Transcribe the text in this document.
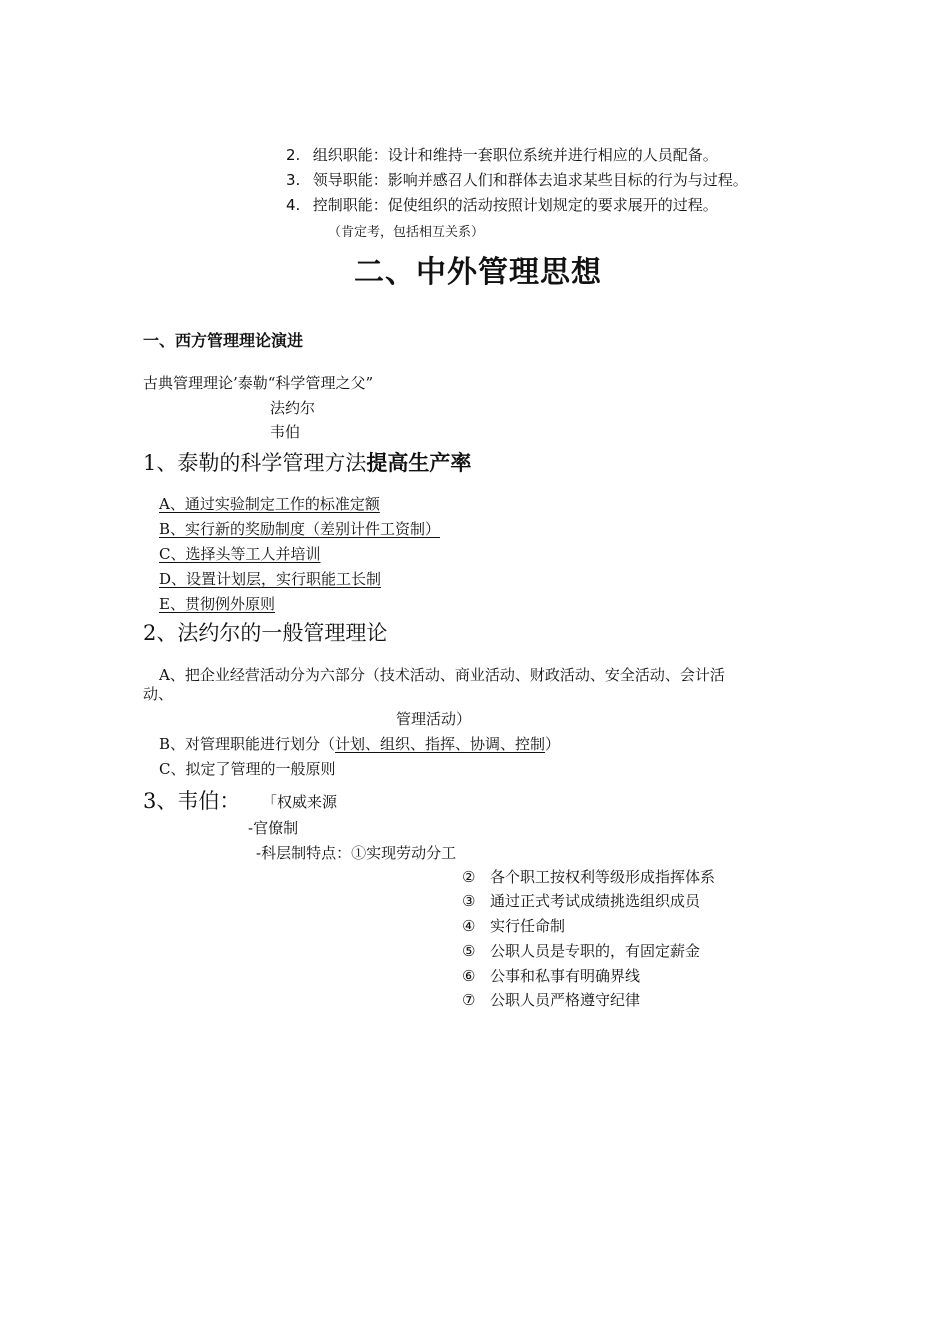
2. 组织职能：设计和维持一套职位系统并进行相应的人员配备。
3. 领导职能：影响并感召人们和群体去追求某些目标的行为与过程。
4. 控制职能：促使组织的活动按照计划规定的要求展开的过程。
（肯定考，包括相互关系）
二、中外管理思想
一、西方管理理论演进
古典管理理论’泰勒“科学管理之父”
法约尔
韦伯
1、泰勒的科学管理方法提高生产率
A、通过实验制定工作的标准定额
B、实行新的奖励制度（差别计件工资制）
C、选择头等工人并培训
D、设置计划层，实行职能工长制
E、贯彻例外原则
2、法约尔的一般管理理论
A、把企业经营活动分为六部分（技术活动、商业活动、财政活动、安全活动、会计活
动、
管理活动）
B、对管理职能进行划分（计划、组织、指挥、协调、控制）
C、拟定了管理的一般原则
3、韦伯： 「权威来源
-官僚制
-科层制特点：①实现劳动分工
② 各个职工按权利等级形成指挥体系
③ 通过正式考试成绩挑选组织成员
④ 实行任命制
⑤ 公职人员是专职的，有固定薪金
⑥ 公事和私事有明确界线
⑦ 公职人员严格遵守纪律
